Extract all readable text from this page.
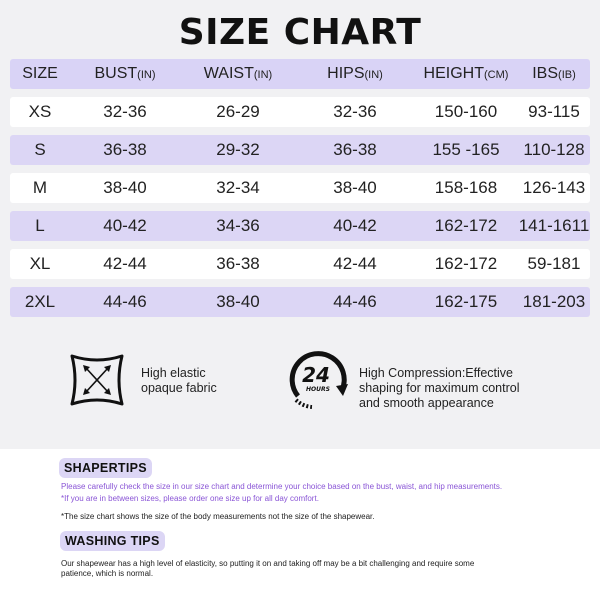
SIZE CHART
SIZE	BUST(IN)	WAIST(IN)	HIPS(IN)	HEIGHT(CM)	IBS(IB)
XS	32-36	26-29	32-36	150-160	93-115
S	36-38	29-32	36-38	155 -165	110-128
M	38-40	32-34	38-40	158-168	126-143
L	40-42	34-36	40-42	162-172	141-1611
XL	42-44	36-38	42-44	162-172	59-181
2XL	44-46	38-40	44-46	162-175	181-203
High elastic
opaque fabric
24
HOURS
High Compression:Effective
shaping for maximum control
and smooth appearance
SHAPERTIPS
Please carefully check the size in our size chart and determine your choice based on the bust, waist, and hip measurements.
*If you are in between sizes, please order one size up for all day comfort.
*The size chart shows the size of the body measurements not the size of the shapewear.
WASHING TIPS
Our shapewear has a high level of elasticity, so putting it on and taking off may be a bit challenging and require some
patience, which is normal.
